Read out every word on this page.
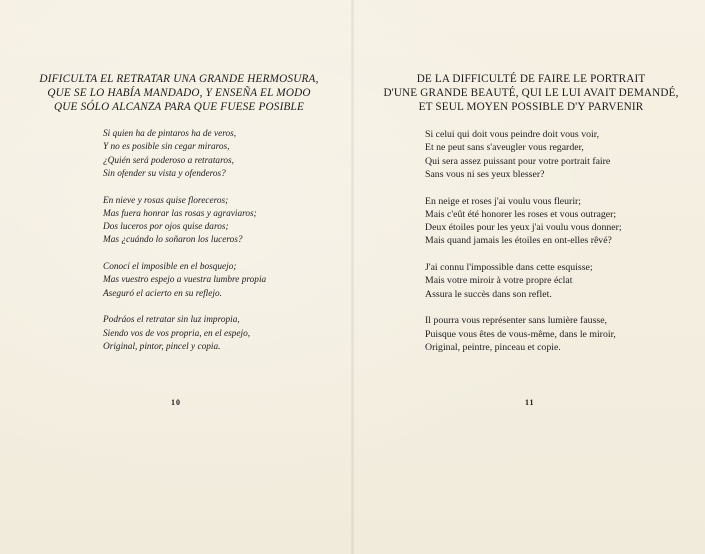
DIFICULTA EL RETRATAR UNA GRANDE HERMOSURA,
QUE SE LO HABÍA MANDADO, Y ENSEÑA EL MODO
QUE SÓLO ALCANZA PARA QUE FUESE POSIBLE
Si quien ha de pintaros ha de veros,
Y no es posible sin cegar miraros,
¿Quién será poderoso a retrataros,
Sin ofender su vista y ofenderos?
En nieve y rosas quise floreceros;
Mas fuera honrar las rosas y agraviaros;
Dos luceros por ojos quise daros;
Mas ¿cuándo lo soñaron los luceros?
Conocí el imposible en el bosquejo;
Mas vuestro espejo a vuestra lumbre propia
Aseguró el acierto en su reflejo.
Podráos el retratar sin luz impropia,
Siendo vos de vos propria, en el espejo,
Original, pintor, pincel y copia.
10
DE LA DIFFICULTÉ DE FAIRE LE PORTRAIT
D'UNE GRANDE BEAUTÉ, QUI LE LUI AVAIT DEMANDÉ,
ET SEUL MOYEN POSSIBLE D'Y PARVENIR
Si celui qui doit vous peindre doit vous voir,
Et ne peut sans s'aveugler vous regarder,
Qui sera assez puissant pour votre portrait faire
Sans vous ni ses yeux blesser?
En neige et roses j'ai voulu vous fleurir;
Mais c'eût été honorer les roses et vous outrager;
Deux étoiles pour les yeux j'ai voulu vous donner;
Mais quand jamais les étoiles en ont-elles rêvé?
J'ai connu l'impossible dans cette esquisse;
Mais votre miroir à votre propre éclat
Assura le succès dans son reflet.
Il pourra vous représenter sans lumière fausse,
Puisque vous êtes de vous-même, dans le miroir,
Original, peintre, pinceau et copie.
11
